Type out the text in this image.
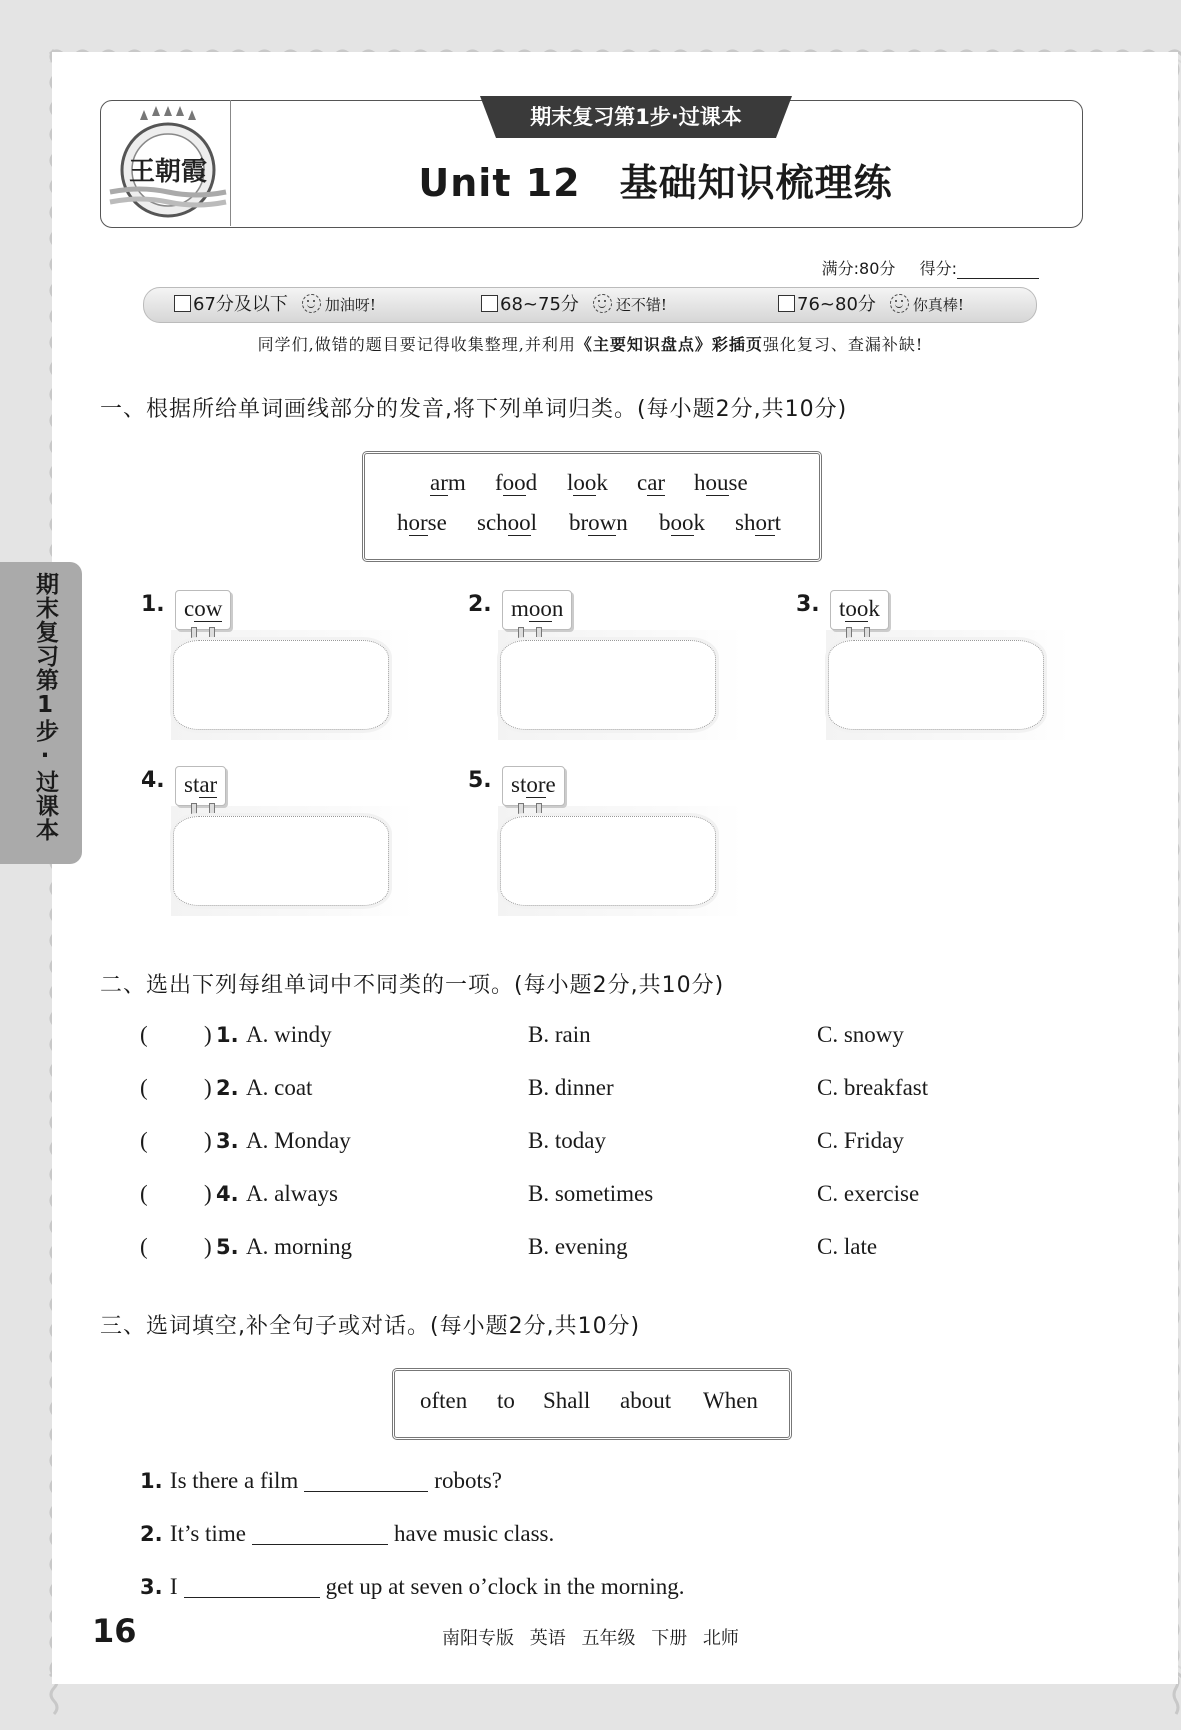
期末复习第1步·过课本
王朝霞
期末复习第1步·过课本
Unit 12　基础知识梳理练
满分:80分 得分:
67分及以下 加油呀!	68~75分 还不错!	76~80分 你真棒!
同学们,做错的题目要记得收集整理,并利用《主要知识盘点》彩插页强化复习、查漏补缺!
一、根据所给单词画线部分的发音,将下列单词归类。(每小题2分,共10分)
arm food look car house
horse school brown book short
1. cow	2. moon	3. took
4. star	5. store
二、选出下列每组单词中不同类的一项。(每小题2分,共10分)
( ) 1. A. windy	B. rain	C. snowy
( ) 2. A. coat	B. dinner	C. breakfast
( ) 3. A. Monday	B. today	C. Friday
( ) 4. A. always	B. sometimes	C. exercise
( ) 5. A. morning	B. evening	C. late
三、选词填空,补全句子或对话。(每小题2分,共10分)
often to Shall about When
1. Is there a film	robots?
2. It’s time	have music class.
3. I	get up at seven o’clock in the morning.
16	南阳专版 英语 五年级 下册 北师
